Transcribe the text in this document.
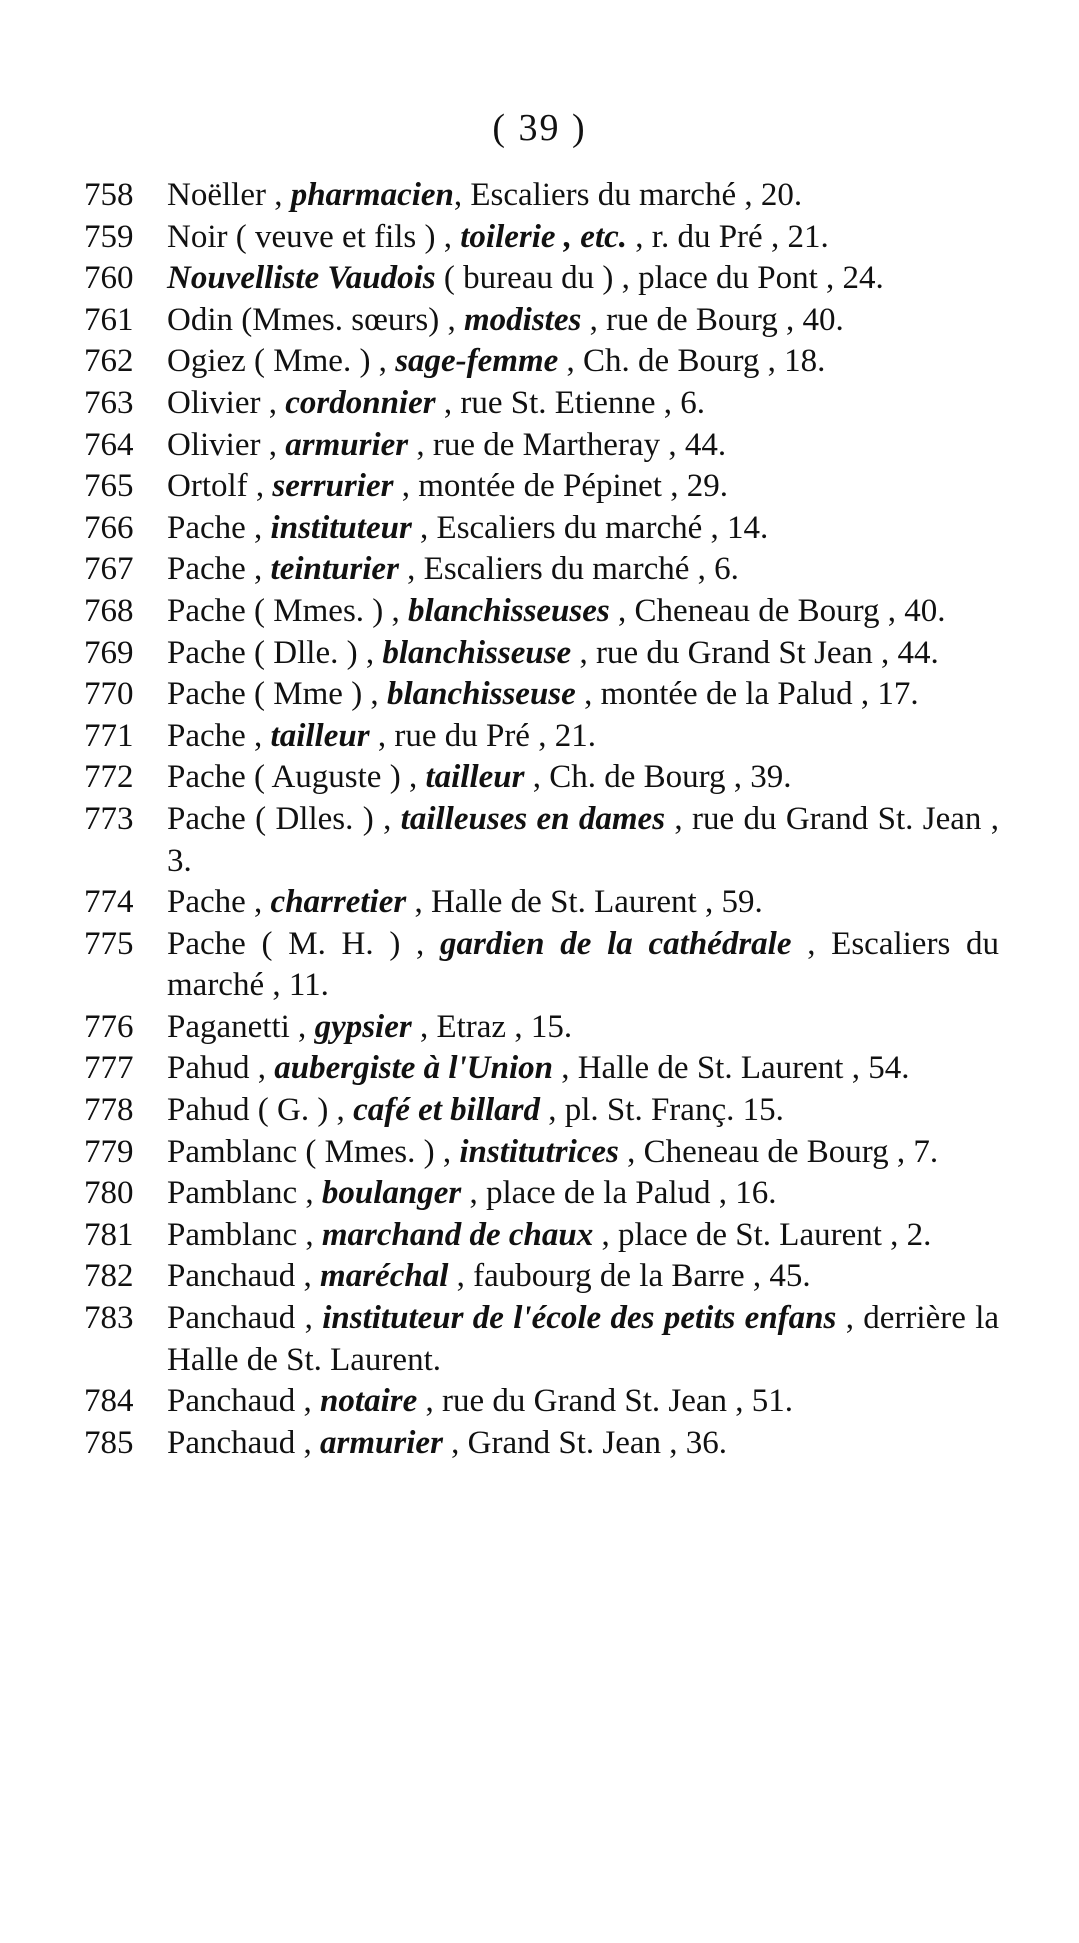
( 39 )
758 Noëller , pharmacien, Escaliers du marché , 20.
759 Noir ( veuve et fils ) , toilerie , etc. , r. du Pré , 21.
760 Nouvelliste Vaudois ( bureau du ) , place du Pont , 24.
761 Odin (Mmes. sœurs) , modistes , rue de Bourg , 40.
762 Ogiez ( Mme. ) , sage-femme , Ch. de Bourg , 18.
763 Olivier , cordonnier , rue St. Etienne , 6.
764 Olivier , armurier , rue de Martheray , 44.
765 Ortolf , serrurier , montée de Pépinet , 29.
766 Pache , instituteur , Escaliers du marché , 14.
767 Pache , teinturier , Escaliers du marché , 6.
768 Pache ( Mmes. ) , blanchisseuses , Cheneau de Bourg , 40.
769 Pache ( Dlle. ) , blanchisseuse , rue du Grand St Jean , 44.
770 Pache ( Mme ) , blanchisseuse , montée de la Palud , 17.
771 Pache , tailleur , rue du Pré , 21.
772 Pache ( Auguste ) , tailleur , Ch. de Bourg , 39.
773 Pache ( Dlles. ) , tailleuses en dames , rue du Grand St. Jean , 3.
774 Pache , charretier , Halle de St. Laurent , 59.
775 Pache ( M. H. ) , gardien de la cathédrale , Escaliers du marché , 11.
776 Paganetti , gypsier , Etraz , 15.
777 Pahud , aubergiste à l'Union , Halle de St. Laurent , 54.
778 Pahud ( G. ) , café et billard , pl. St. Franç. 15.
779 Pamblanc ( Mmes. ) , institutrices , Cheneau de Bourg , 7.
780 Pamblanc , boulanger , place de la Palud , 16.
781 Pamblanc , marchand de chaux , place de St. Laurent , 2.
782 Panchaud , maréchal , faubourg de la Barre , 45.
783 Panchaud , instituteur de l'école des petits enfans , derrière la Halle de St. Laurent.
784 Panchaud , notaire , rue du Grand St. Jean , 51.
785 Panchaud , armurier , Grand St. Jean , 36.
